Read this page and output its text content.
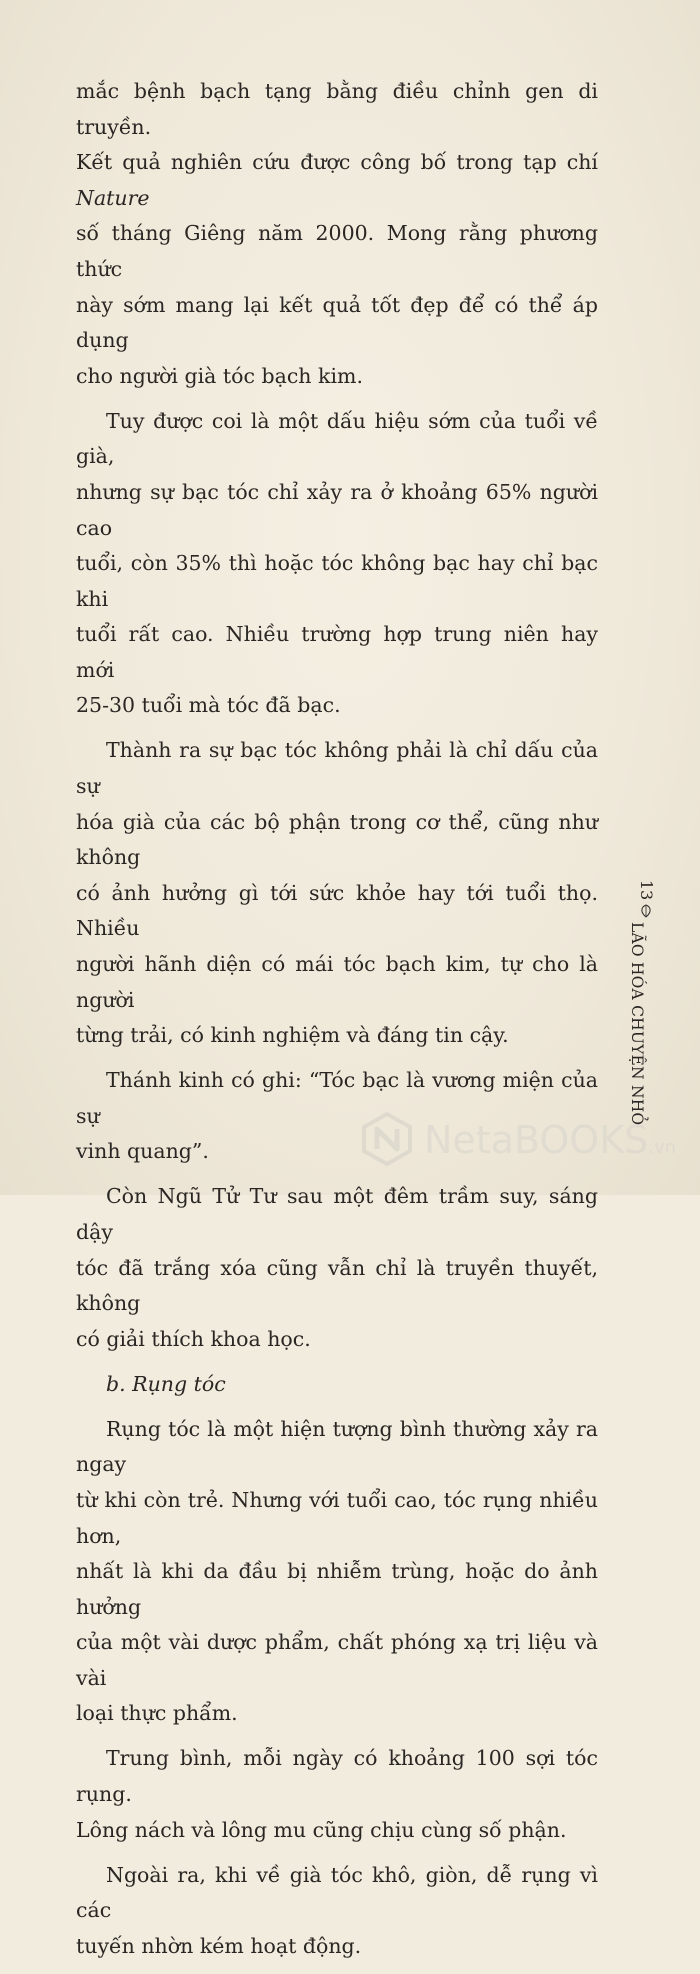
mắc bệnh bạch tạng bằng điều chỉnh gen di truyền.
Kết quả nghiên cứu được công bố trong tạp chí Nature
số tháng Giêng năm 2000. Mong rằng phương thức
này sớm mang lại kết quả tốt đẹp để có thể áp dụng
cho người già tóc bạch kim.

Tuy được coi là một dấu hiệu sớm của tuổi về già,
nhưng sự bạc tóc chỉ xảy ra ở khoảng 65% người cao
tuổi, còn 35% thì hoặc tóc không bạc hay chỉ bạc khi
tuổi rất cao. Nhiều trường hợp trung niên hay mới
25-30 tuổi mà tóc đã bạc.

Thành ra sự bạc tóc không phải là chỉ dấu của sự
hóa già của các bộ phận trong cơ thể, cũng như không
có ảnh hưởng gì tới sức khỏe hay tới tuổi thọ. Nhiều
người hãnh diện có mái tóc bạch kim, tự cho là người
từng trải, có kinh nghiệm và đáng tin cậy.

Thánh kinh có ghi: “Tóc bạc là vương miện của sự
vinh quang”.

Còn Ngũ Tử Tư sau một đêm trầm suy, sáng dậy
tóc đã trắng xóa cũng vẫn chỉ là truyền thuyết, không
có giải thích khoa học.

b. Rụng tóc

Rụng tóc là một hiện tượng bình thường xảy ra ngay
từ khi còn trẻ. Nhưng với tuổi cao, tóc rụng nhiều hơn,
nhất là khi da đầu bị nhiễm trùng, hoặc do ảnh hưởng
của một vài dược phẩm, chất phóng xạ trị liệu và vài
loại thực phẩm.

Trung bình, mỗi ngày có khoảng 100 sợi tóc rụng.
Lông nách và lông mu cũng chịu cùng số phận.

Ngoài ra, khi về già tóc khô, giòn, dễ rụng vì các
tuyến nhờn kém hoạt động.

13
LÃO HÓA CHUYỆN NHỎ
NetaBOOKS.vn
